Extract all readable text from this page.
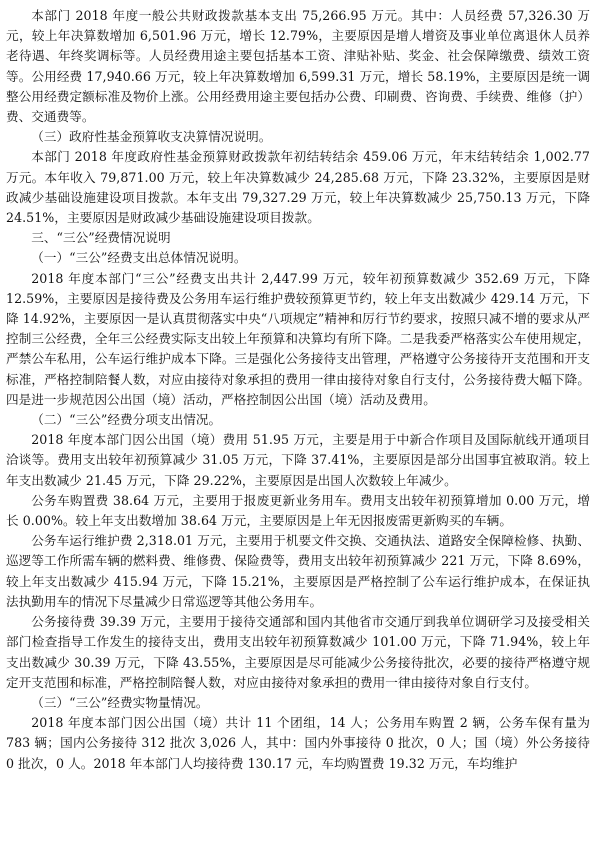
本部门 2018 年度一般公共财政拨款基本支出 75,266.95 万元。其中：人员经费 57,326.30 万元，较上年决算数增加 6,501.96 万元，增长 12.79%，主要原因是增人增资及事业单位离退休人员养老待遇、年终奖调标等。人员经费用途主要包括基本工资、津贴补贴、奖金、社会保障缴费、绩效工资等。公用经费 17,940.66 万元，较上年决算数增加 6,599.31 万元，增长 58.19%，主要原因是统一调整公用经费定额标准及物价上涨。公用经费用途主要包括办公费、印刷费、咨询费、手续费、维修（护）费、交通费等。

（三）政府性基金预算收支决算情况说明。

本部门 2018 年度政府性基金预算财政拨款年初结转结余 459.06 万元，年末结转结余 1,002.77 万元。本年收入 79,871.00 万元，较上年决算数减少 24,285.68 万元，下降 23.32%，主要原因是财政减少基础设施建设项目拨款。本年支出 79,327.29 万元，较上年决算数减少 25,750.13 万元，下降 24.51%，主要原因是财政减少基础设施建设项目拨款。

三、“三公”经费情况说明

（一）“三公”经费支出总体情况说明。

2018 年度本部门“三公”经费支出共计 2,447.99 万元，较年初预算数减少 352.69 万元，下降 12.59%，主要原因是接待费及公务用车运行维护费较预算更节约，较上年支出数减少 429.14 万元，下降 14.92%，主要原因一是认真贯彻落实中央“八项规定”精神和厉行节约要求，按照只减不增的要求从严控制三公经费，全年三公经费实际支出较上年预算和决算均有所下降。二是我委严格落实公车使用规定，严禁公车私用，公车运行维护成本下降。三是强化公务接待支出管理，严格遵守公务接待开支范围和开支标准，严格控制陪餐人数，对应由接待对象承担的费用一律由接待对象自行支付，公务接待费大幅下降。四是进一步规范因公出国（境）活动，严格控制因公出国（境）活动及费用。

（二）“三公”经费分项支出情况。

2018 年度本部门因公出国（境）费用 51.95 万元，主要是用于中新合作项目及国际航线开通项目洽谈等。费用支出较年初预算减少 31.05 万元，下降 37.41%，主要原因是部分出国事宜被取消。较上年支出数减少 21.45 万元，下降 29.22%，主要原因是出国人次数较上年减少。

公务车购置费 38.64 万元，主要用于报废更新业务用车。费用支出较年初预算增加 0.00 万元，增长 0.00%。较上年支出数增加 38.64 万元，主要原因是上年无因报废需更新购买的车辆。

公务车运行维护费 2,318.01 万元，主要用于机要文件交换、交通执法、道路安全保障检修、执勤、巡逻等工作所需车辆的燃料费、维修费、保险费等，费用支出较年初预算减少 221 万元，下降 8.69%，较上年支出数减少 415.94 万元，下降 15.21%，主要原因是严格控制了公车运行维护成本，在保证执法执勤用车的情况下尽量减少日常巡逻等其他公务用车。

公务接待费 39.39 万元，主要用于接待交通部和国内其他省市交通厅到我单位调研学习及接受相关部门检查指导工作发生的接待支出，费用支出较年初预算数减少 101.00 万元，下降 71.94%，较上年支出数减少 30.39 万元，下降 43.55%，主要原因是尽可能减少公务接待批次，必要的接待严格遵守规定开支范围和标准，严格控制陪餐人数，对应由接待对象承担的费用一律由接待对象自行支付。

（三）“三公”经费实物量情况。

2018 年度本部门因公出国（境）共计 11 个团组，14 人；公务用车购置 2 辆，公务车保有量为 783 辆；国内公务接待 312 批次 3,026 人，其中：国内外事接待 0 批次，0 人；国（境）外公务接待 0 批次，0 人。2018 年本部门人均接待费 130.17 元，车均购置费 19.32 万元，车均维护
